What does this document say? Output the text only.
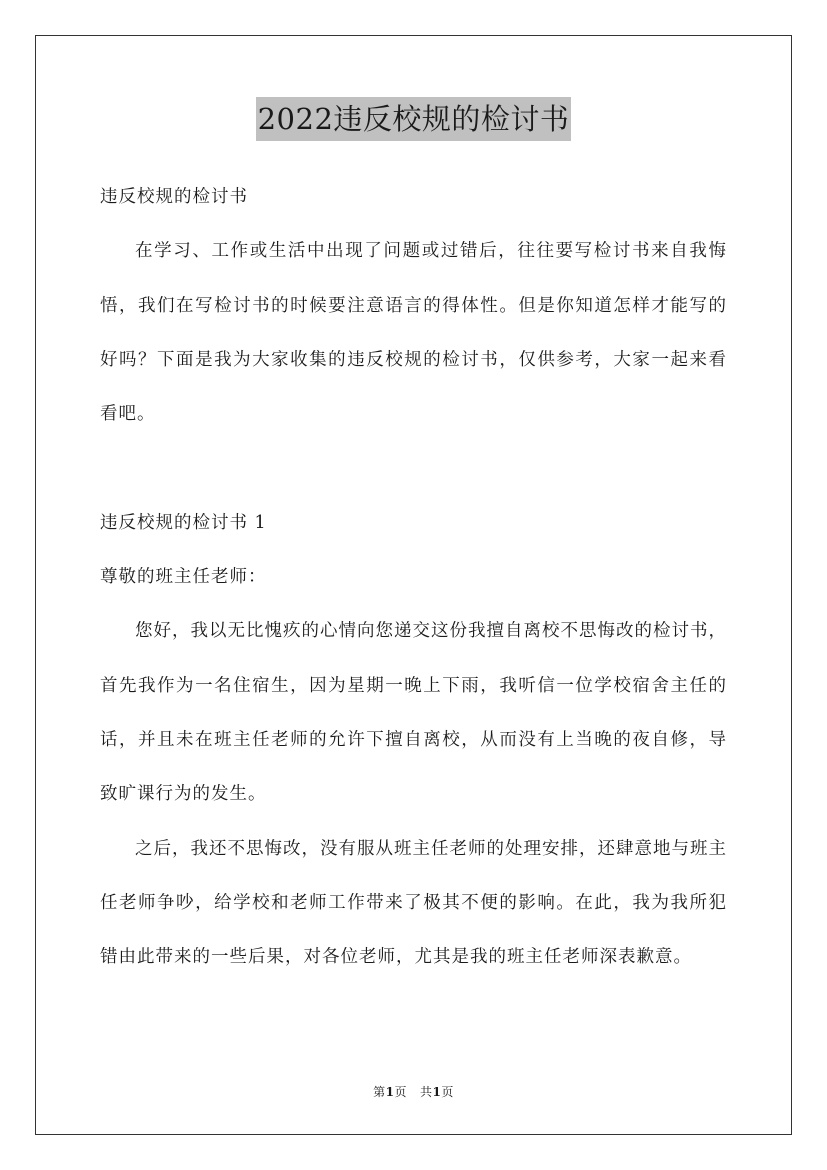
2022违反校规的检讨书

违反校规的检讨书

在学习、工作或生活中出现了问题或过错后，往往要写检讨书来自我悔悟，我们在写检讨书的时候要注意语言的得体性。但是你知道怎样才能写的好吗？下面是我为大家收集的违反校规的检讨书，仅供参考，大家一起来看看吧。

违反校规的检讨书 1

尊敬的班主任老师：

您好，我以无比愧疚的心情向您递交这份我擅自离校不思悔改的检讨书，首先我作为一名住宿生，因为星期一晚上下雨，我听信一位学校宿舍主任的话，并且未在班主任老师的允许下擅自离校，从而没有上当晚的夜自修，导致旷课行为的发生。

之后，我还不思悔改，没有服从班主任老师的处理安排，还肆意地与班主任老师争吵，给学校和老师工作带来了极其不便的影响。在此，我为我所犯错由此带来的一些后果，对各位老师，尤其是我的班主任老师深表歉意。

第1页 共1页
